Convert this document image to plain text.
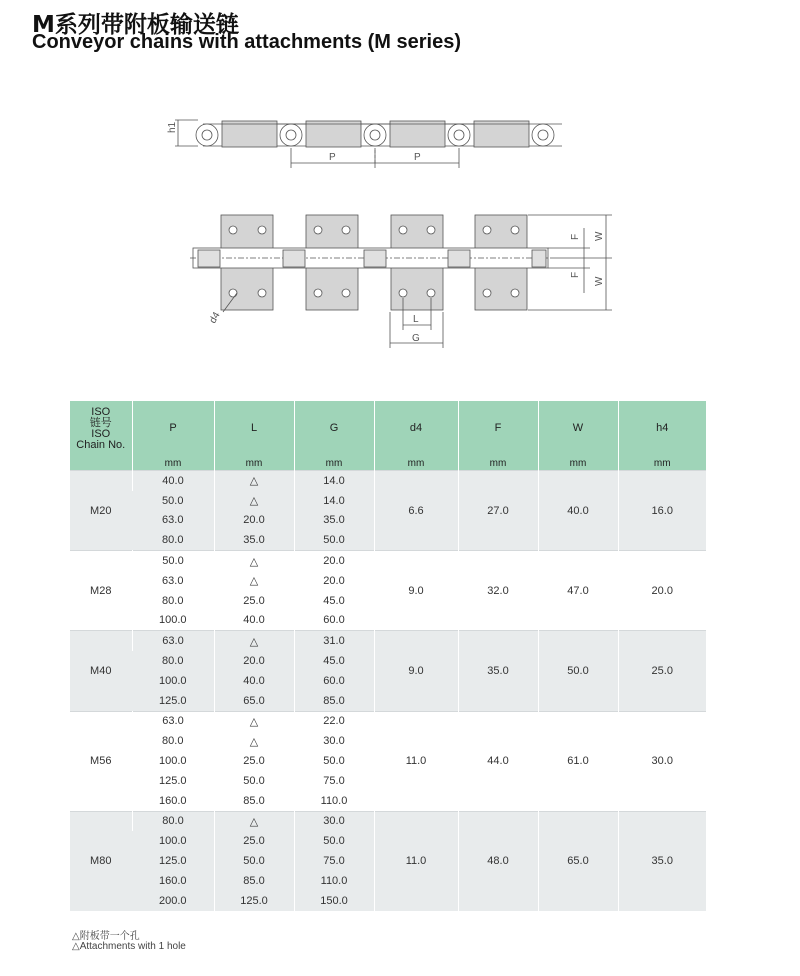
M系列带附板输送链
Conveyor chains with attachments (M series)
h1
P	P
F
F
W
W
d4	L
G
ISO
链号
ISO
Chain No.	P	L	G	d4	F	W	h4
	mm	mm	mm	mm	mm	mm	mm
M20	40.0	△	14.0	6.6	27.0	40.0	16.0
	50.0	△	14.0				
	63.0	20.0	35.0				
	80.0	35.0	50.0				
M28	50.0	△	20.0	9.0	32.0	47.0	20.0
	63.0	△	20.0				
	80.0	25.0	45.0				
	100.0	40.0	60.0				
M40	63.0	△	31.0	9.0	35.0	50.0	25.0
	80.0	20.0	45.0				
	100.0	40.0	60.0				
	125.0	65.0	85.0				
M56	63.0	△	22.0	11.0	44.0	61.0	30.0
	80.0	△	30.0				
	100.0	25.0	50.0				
	125.0	50.0	75.0				
	160.0	85.0	110.0				
M80	80.0	△	30.0	11.0	48.0	65.0	35.0
	100.0	25.0	50.0				
	125.0	50.0	75.0				
	160.0	85.0	110.0				
	200.0	125.0	150.0				
△附板带一个孔
△Attachments with 1 hole
